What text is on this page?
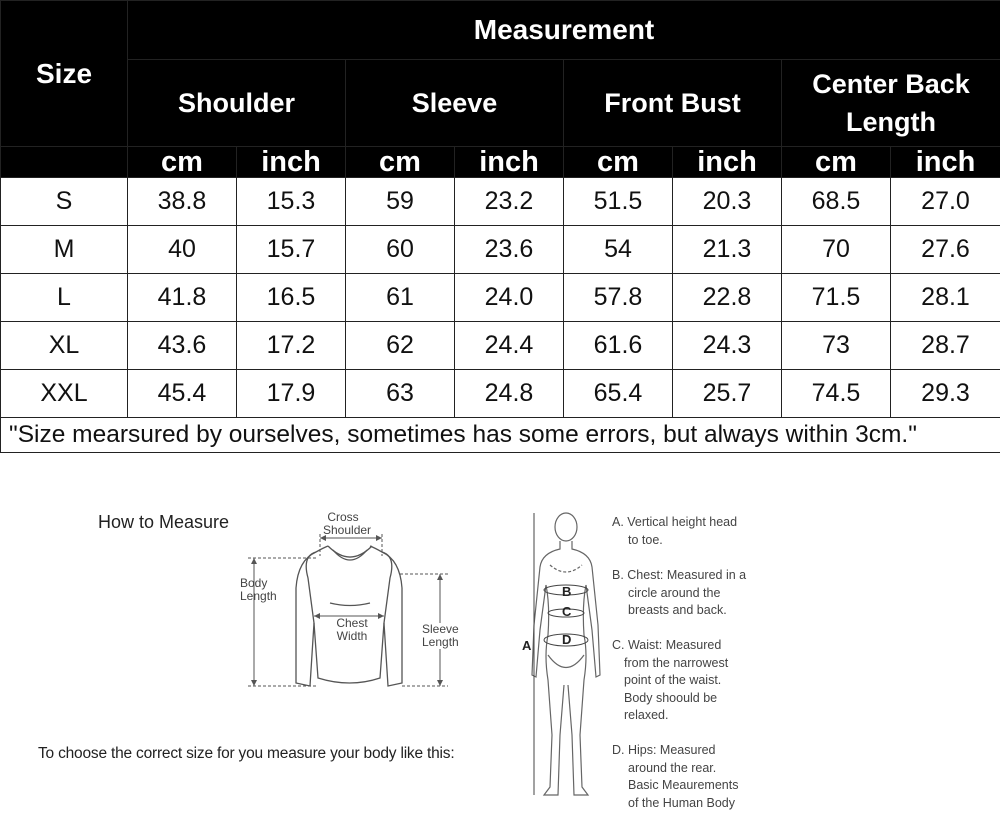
Size	Measurement							
	Shoulder		Sleeve		Front Bust		Center Back Length	
	cm	inch	cm	inch	cm	inch	cm	inch
S	38.8	15.3	59	23.2	51.5	20.3	68.5	27.0
M	40	15.7	60	23.6	54	21.3	70	27.6
L	41.8	16.5	61	24.0	57.8	22.8	71.5	28.1
XL	43.6	17.2	62	24.4	61.6	24.3	73	28.7
XXL	45.4	17.9	63	24.8	65.4	25.7	74.5	29.3
"Size mearsured by ourselves, sometimes has some errors, but always within 3cm."								
How to Measure
To choose the correct size for you measure your body like this:
Cross
Shoulder
Body
Length
Chest
Width	Sleeve
Length	A
B
C
D
A. Vertical height head
to toe.
B. Chest: Measured in a
circle around the
breasts and back.
C. Waist: Measured
from the narrowest
point of the waist.
Body shoould be
relaxed.
D. Hips: Measured
around the rear.
Basic Meaurements
of the Human Body
